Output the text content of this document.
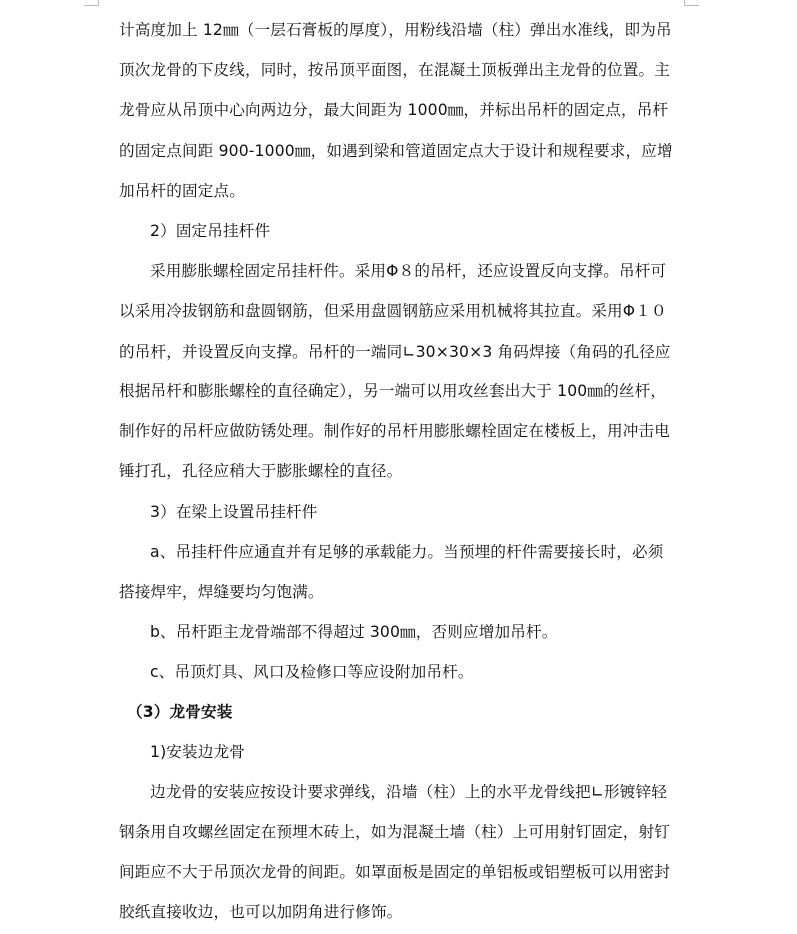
计高度加上 12㎜（一层石膏板的厚度），用粉线沿墙（柱）弹出水准线，即为吊
顶次龙骨的下皮线，同时，按吊顶平面图，在混凝土顶板弹出主龙骨的位置。主
龙骨应从吊顶中心向两边分，最大间距为 1000㎜，并标出吊杆的固定点，吊杆
的固定点间距 900-1000㎜，如遇到梁和管道固定点大于设计和规程要求，应增
加吊杆的固定点。
2）固定吊挂杆件
采用膨胀螺栓固定吊挂杆件。采用Φ８的吊杆，还应设置反向支撑。吊杆可
以采用冷拔钢筋和盘圆钢筋，但采用盘圆钢筋应采用机械将其拉直。采用Φ１０
的吊杆，并设置反向支撑。吊杆的一端同∟30×30×3 角码焊接（角码的孔径应
根据吊杆和膨胀螺栓的直径确定），另一端可以用攻丝套出大于 100㎜的丝杆，
制作好的吊杆应做防锈处理。制作好的吊杆用膨胀螺栓固定在楼板上，用冲击电
锤打孔，孔径应稍大于膨胀螺栓的直径。
3）在梁上设置吊挂杆件
a、吊挂杆件应通直并有足够的承载能力。当预埋的杆件需要接长时，必须
搭接焊牢，焊缝要均匀饱满。
b、吊杆距主龙骨端部不得超过 300㎜，否则应增加吊杆。
c、吊顶灯具、风口及检修口等应设附加吊杆。
（3）龙骨安装
1)安装边龙骨
边龙骨的安装应按设计要求弹线，沿墙（柱）上的水平龙骨线把∟形镀锌轻
钢条用自攻螺丝固定在预埋木砖上，如为混凝土墙（柱）上可用射钉固定，射钉
间距应不大于吊顶次龙骨的间距。如罩面板是固定的单铝板或铝塑板可以用密封
胶纸直接收边，也可以加阴角进行修饰。
